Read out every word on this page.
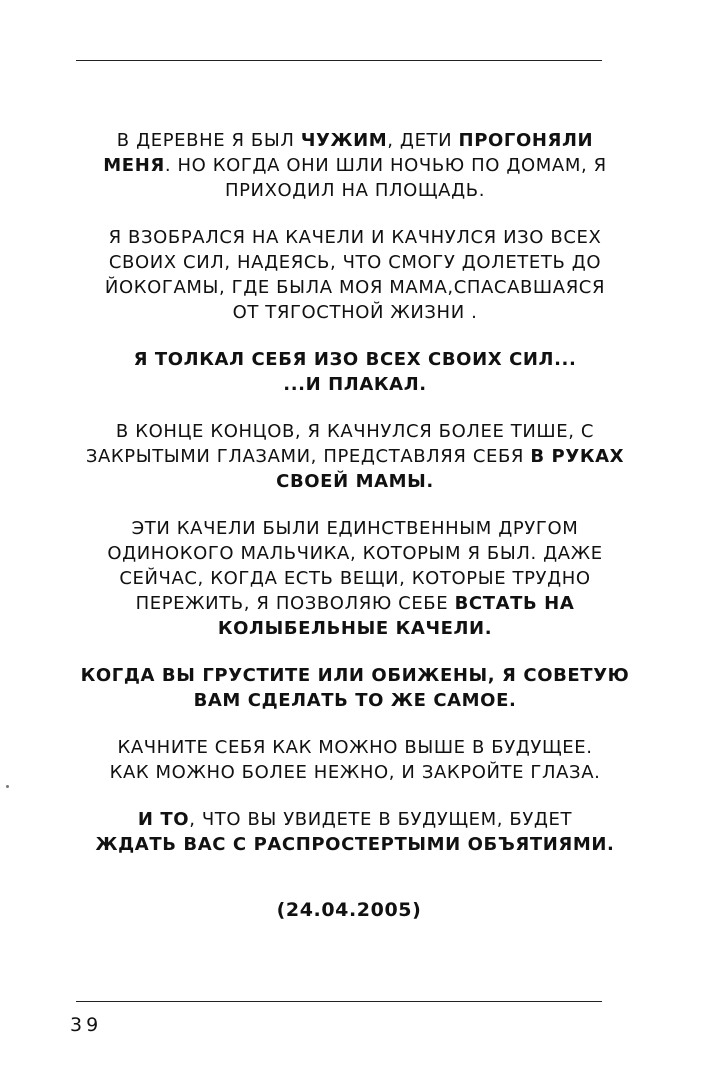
В ДЕРЕВНЕ Я БЫЛ ЧУЖИМ, ДЕТИ ПРОГОНЯЛИ
МЕНЯ. НО КОГДА ОНИ ШЛИ НОЧЬЮ ПО ДОМАМ, Я
ПРИХОДИЛ НА ПЛОЩАДЬ.
Я ВЗОБРАЛСЯ НА КАЧЕЛИ И КАЧНУЛСЯ ИЗО ВСЕХ
СВОИХ СИЛ, НАДЕЯСЬ, ЧТО СМОГУ ДОЛЕТЕТЬ ДО
ЙОКОГАМЫ, ГДЕ БЫЛА МОЯ МАМА,СПАСАВШАЯСЯ
ОТ ТЯГОСТНОЙ ЖИЗНИ .
Я ТОЛКАЛ СЕБЯ ИЗО ВСЕХ СВОИХ СИЛ...
...И ПЛАКАЛ.
В КОНЦЕ КОНЦОВ, Я КАЧНУЛСЯ БОЛЕЕ ТИШЕ, С
ЗАКРЫТЫМИ ГЛАЗАМИ, ПРЕДСТАВЛЯЯ СЕБЯ В РУКАХ
СВОЕЙ МАМЫ.
ЭТИ КАЧЕЛИ БЫЛИ ЕДИНСТВЕННЫМ ДРУГОМ
ОДИНОКОГО МАЛЬЧИКА, КОТОРЫМ Я БЫЛ. ДАЖЕ
СЕЙЧАС, КОГДА ЕСТЬ ВЕЩИ, КОТОРЫЕ ТРУДНО
ПЕРЕЖИТЬ, Я ПОЗВОЛЯЮ СЕБЕ ВСТАТЬ НА
КОЛЫБЕЛЬНЫЕ КАЧЕЛИ.
КОГДА ВЫ ГРУСТИТЕ ИЛИ ОБИЖЕНЫ, Я СОВЕТУЮ
ВАМ СДЕЛАТЬ ТО ЖЕ САМОЕ.
КАЧНИТЕ СЕБЯ КАК МОЖНО ВЫШЕ В БУДУЩЕЕ.
КАК МОЖНО БОЛЕЕ НЕЖНО, И ЗАКРОЙТЕ ГЛАЗА.
И ТО, ЧТО ВЫ УВИДЕТЕ В БУДУЩЕМ, БУДЕТ
ЖДАТЬ ВАС С РАСПРОСТЕРТЫМИ ОБЪЯТИЯМИ.
(24.04.2005)
39
